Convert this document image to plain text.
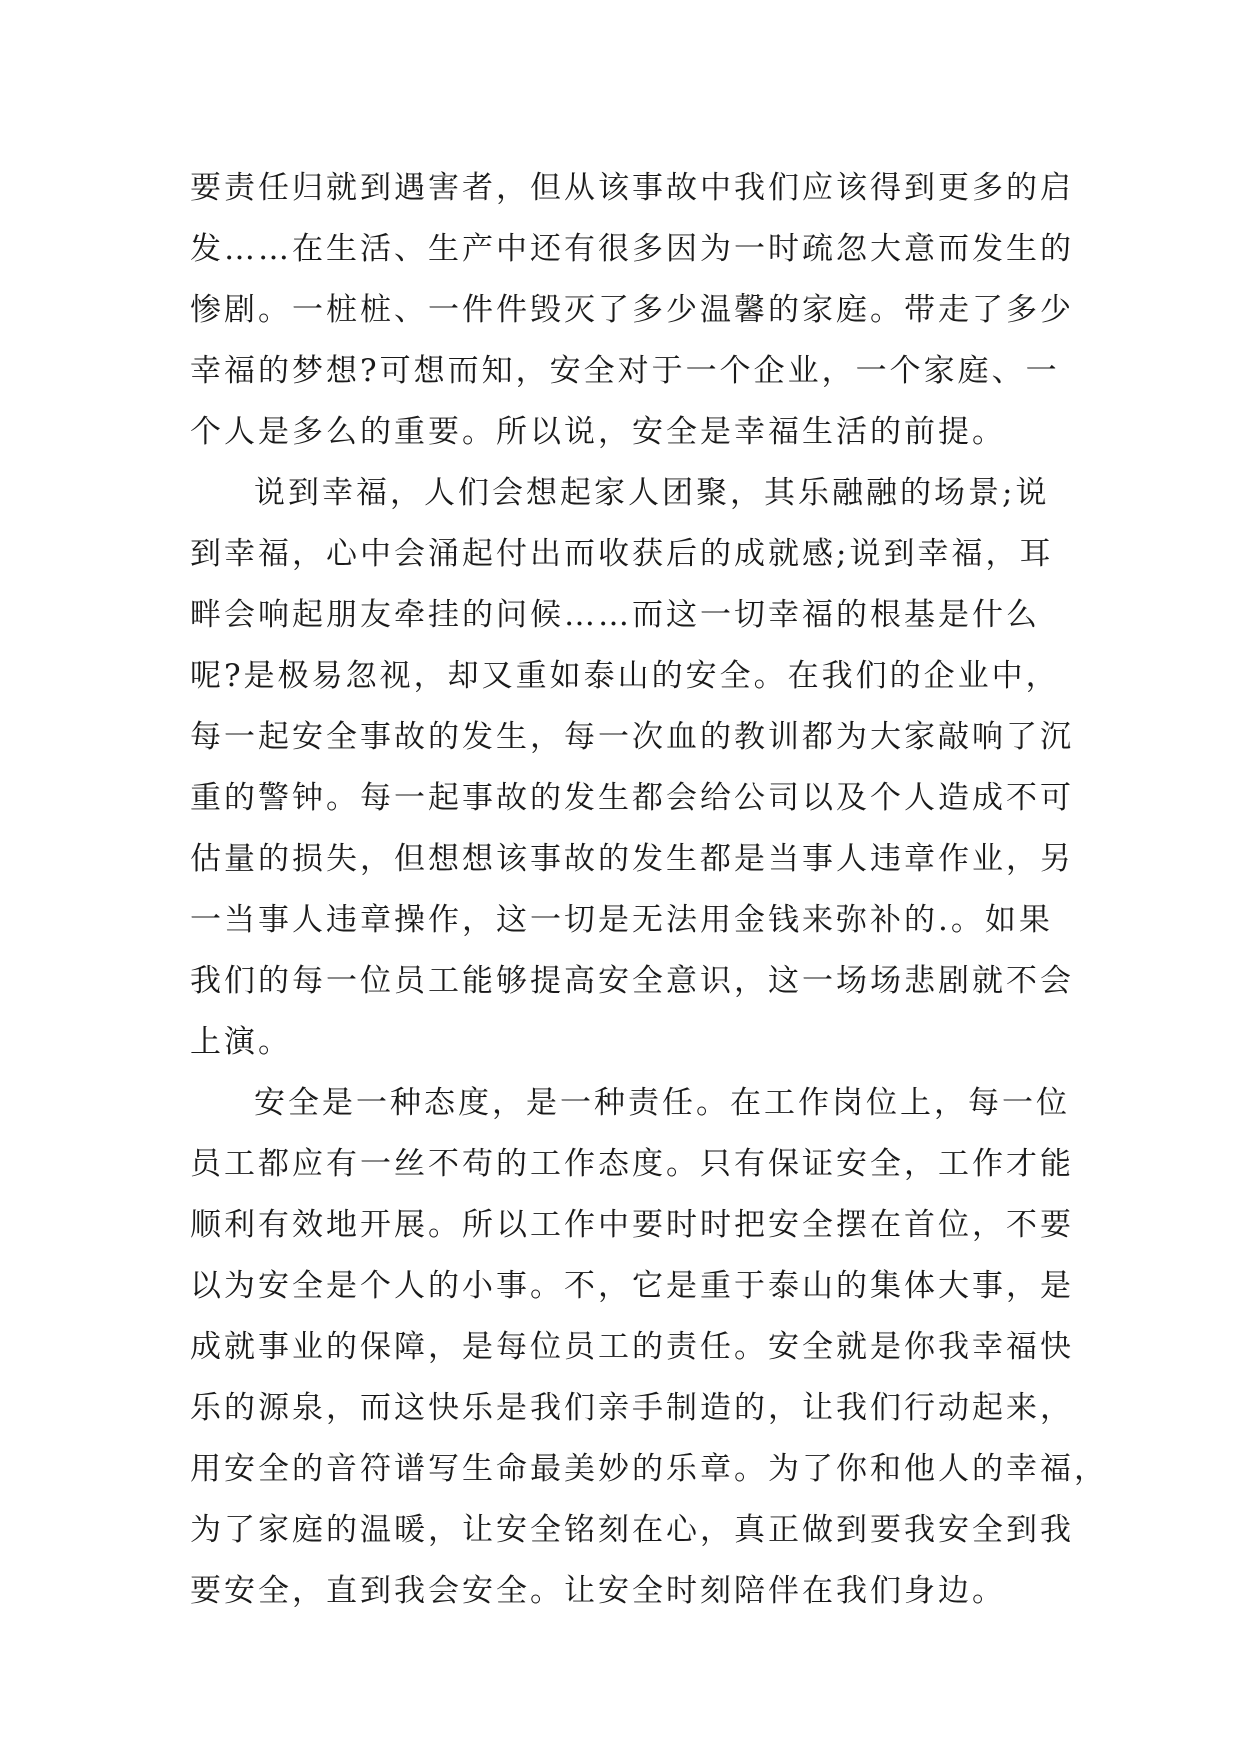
要责任归就到遇害者，但从该事故中我们应该得到更多的启
发……在生活、生产中还有很多因为一时疏忽大意而发生的
惨剧。一桩桩、一件件毁灭了多少温馨的家庭。带走了多少
幸福的梦想?可想而知，安全对于一个企业，一个家庭、一
个人是多么的重要。所以说，安全是幸福生活的前提。
说到幸福，人们会想起家人团聚，其乐融融的场景;说
到幸福，心中会涌起付出而收获后的成就感;说到幸福，耳
畔会响起朋友牵挂的问候……而这一切幸福的根基是什么
呢?是极易忽视，却又重如泰山的安全。在我们的企业中，
每一起安全事故的发生，每一次血的教训都为大家敲响了沉
重的警钟。每一起事故的发生都会给公司以及个人造成不可
估量的损失，但想想该事故的发生都是当事人违章作业，另
一当事人违章操作，这一切是无法用金钱来弥补的.。如果
我们的每一位员工能够提高安全意识，这一场场悲剧就不会
上演。
安全是一种态度，是一种责任。在工作岗位上，每一位
员工都应有一丝不苟的工作态度。只有保证安全，工作才能
顺利有效地开展。所以工作中要时时把安全摆在首位，不要
以为安全是个人的小事。不，它是重于泰山的集体大事，是
成就事业的保障，是每位员工的责任。安全就是你我幸福快
乐的源泉，而这快乐是我们亲手制造的，让我们行动起来，
用安全的音符谱写生命最美妙的乐章。为了你和他人的幸福，
为了家庭的温暖，让安全铭刻在心，真正做到要我安全到我
要安全，直到我会安全。让安全时刻陪伴在我们身边。
